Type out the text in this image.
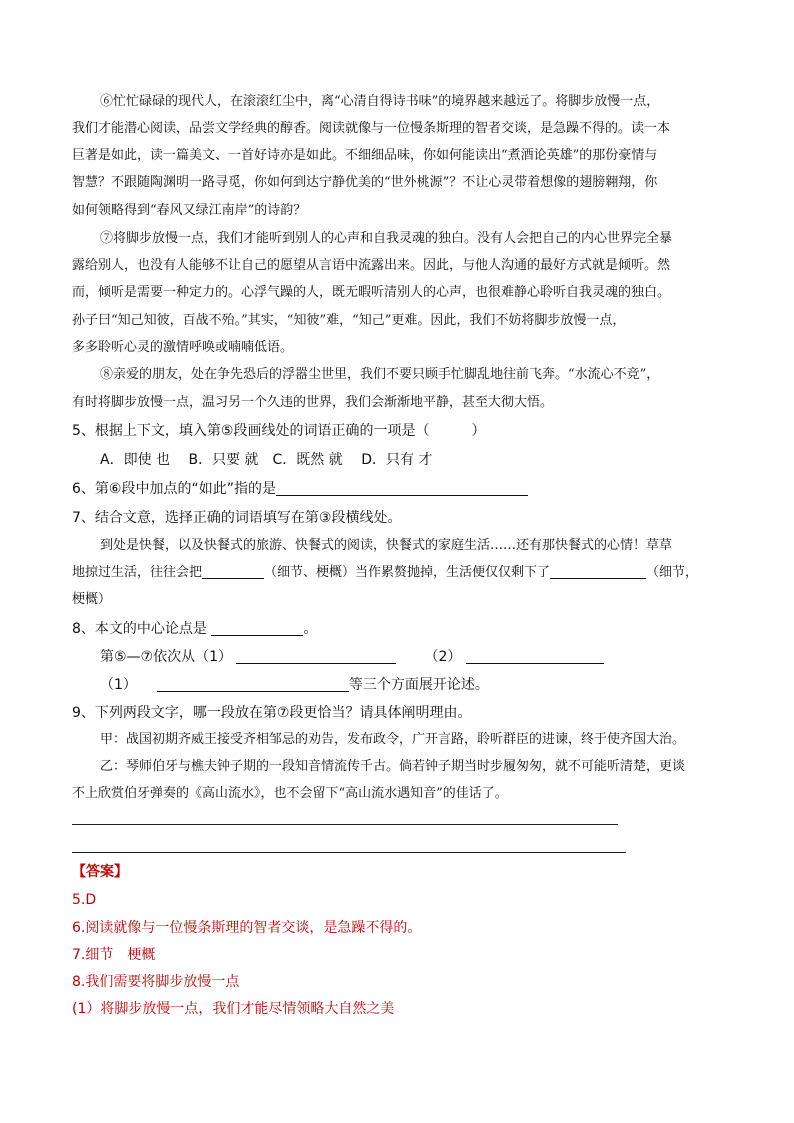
⑥忙忙碌碌的现代人，在滚滚红尘中，离“心清自得诗书味”的境界越来越远了。将脚步放慢一点，
我们才能潜心阅读，品尝文学经典的醇香。阅读就像与一位慢条斯理的智者交谈，是急躁不得的。读一本
巨著是如此，读一篇美文、一首好诗亦是如此。不细细品味，你如何能读出“煮酒论英雄”的那份豪情与
智慧？不跟随陶渊明一路寻觅，你如何到达宁静优美的“世外桃源”？不让心灵带着想像的翅膀翱翔，你
如何领略得到“春风又绿江南岸”的诗韵？
⑦将脚步放慢一点，我们才能听到别人的心声和自我灵魂的独白。没有人会把自己的内心世界完全暴
露给别人，也没有人能够不让自己的愿望从言语中流露出来。因此，与他人沟通的最好方式就是倾听。然
而，倾听是需要一种定力的。心浮气躁的人，既无暇听清别人的心声，也很难静心聆听自我灵魂的独白。
孙子曰“知己知彼，百战不殆。”其实，“知彼”难，“知己”更难。因此，我们不妨将脚步放慢一点，
多多聆听心灵的激情呼唤或喃喃低语。
⑧亲爱的朋友，处在争先恐后的浮嚣尘世里，我们不要只顾手忙脚乱地往前飞奔。“水流心不竞”，
有时将脚步放慢一点，温习另一个久违的世界，我们会渐渐地平静，甚至大彻大悟。
5、根据上下文，填入第⑤段画线处的词语正确的一项是（　　　）
A．即使 也　 B．只要 就　C．既然 就　 D．只有 才
6、第⑥段中加点的“如此”指的是
7、结合文意，选择正确的词语填写在第③段横线处。
到处是快餐，以及快餐式的旅游、快餐式的阅读，快餐式的家庭生活……还有那快餐式的心情！草草
地掠过生活，往往会把	（细节、梗概）当作累赘抛掉，生活便仅仅剩下了	（细节，
梗概）
8、本文的中心论点是	。
第⑤—⑦依次从（1）	（2）
（1）	等三个方面展开论述。
9、下列两段文字，哪一段放在第⑦段更恰当？请具体阐明理由。
甲：战国初期齐威王接受齐相邹忌的劝告，发布政令，广开言路，聆听群臣的进谏，终于使齐国大治。
乙：琴师伯牙与樵夫钟子期的一段知音情流传千古。倘若钟子期当时步履匆匆，就不可能听清楚，更谈
不上欣赏伯牙弹奏的《高山流水》，也不会留下“高山流水遇知音”的佳话了。
【答案】
5.D
6.阅读就像与一位慢条斯理的智者交谈，是急躁不得的。
7.细节　梗概
8.我们需要将脚步放慢一点
(1）将脚步放慢一点，我们才能尽情领略大自然之美
